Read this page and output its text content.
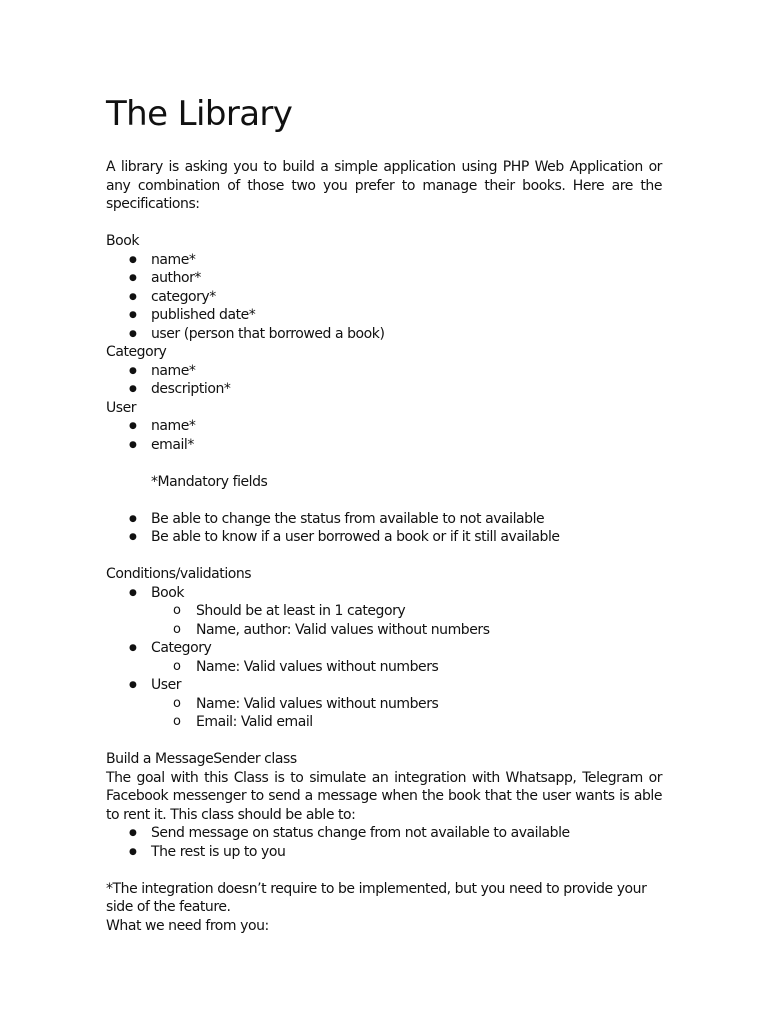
The Library

A library is asking you to build a simple application using PHP Web Application or any combination of those two you prefer to manage their books. Here are the specifications:

Book

● name*
● author*
● category*
● published date*
● user (person that borrowed a book)

Category

● name*
● description*

User

● name*
● email*

*Mandatory fields

● Be able to change the status from available to not available
● Be able to know if a user borrowed a book or if it still available

Conditions/validations

● Book
o Should be at least in 1 category
o Name, author: Valid values without numbers
● Category
o Name: Valid values without numbers
● User
o Name: Valid values without numbers
o Email: Valid email

Build a MessageSender class

The goal with this Class is to simulate an integration with Whatsapp, Telegram or Facebook messenger to send a message when the book that the user wants is able to rent it. This class should be able to:

● Send message on status change from not available to available
● The rest is up to you

*The integration doesn’t require to be implemented, but you need to provide your side of the feature.

What we need from you:
